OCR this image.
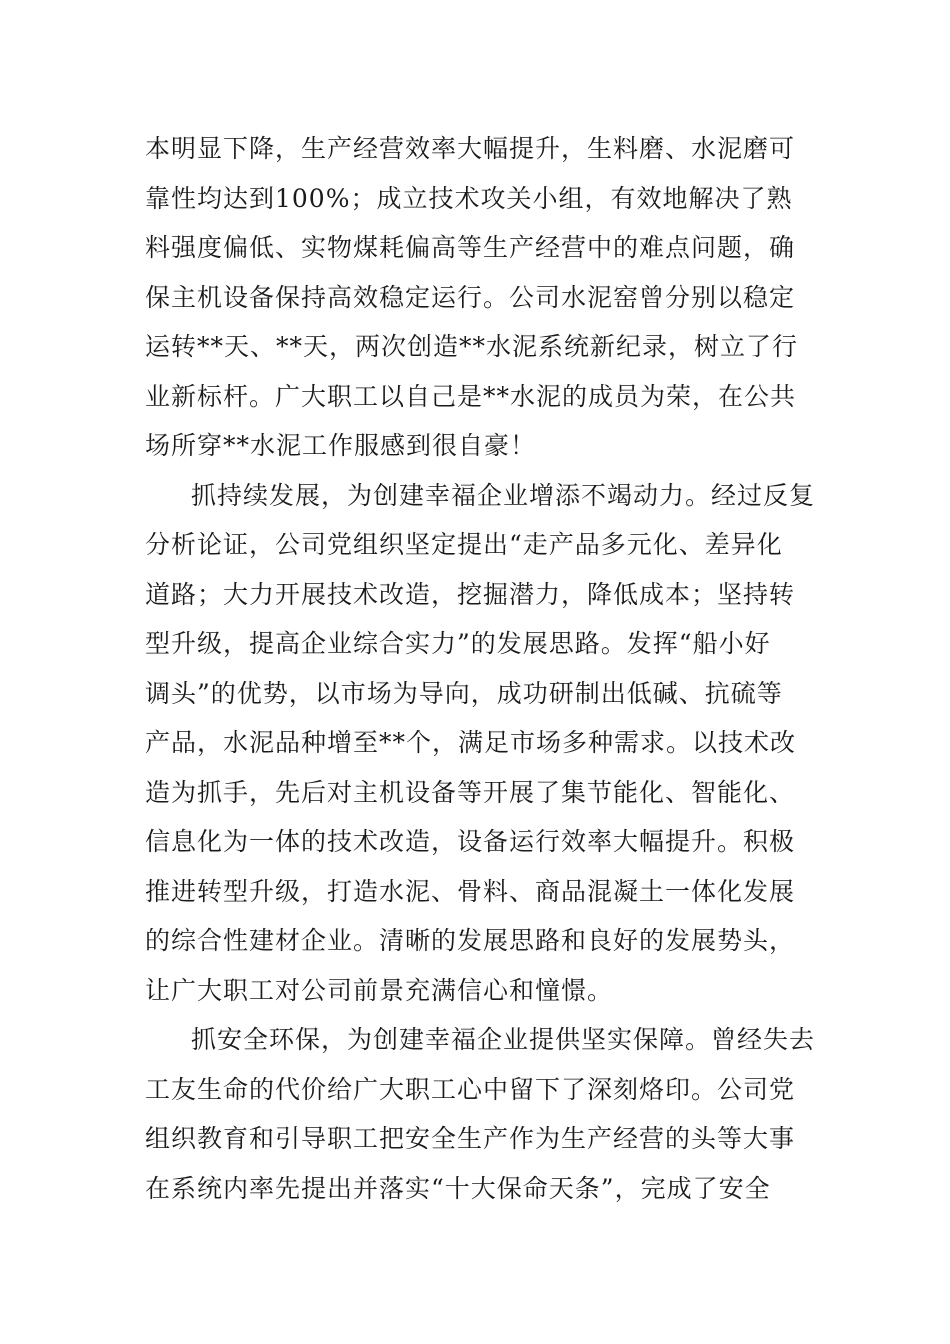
本明显下降，生产经营效率大幅提升，生料磨、水泥磨可
靠性均达到100%；成立技术攻关小组，有效地解决了熟
料强度偏低、实物煤耗偏高等生产经营中的难点问题，确
保主机设备保持高效稳定运行。公司水泥窑曾分别以稳定
运转**天、**天，两次创造**水泥系统新纪录，树立了行
业新标杆。广大职工以自己是**水泥的成员为荣，在公共
场所穿**水泥工作服感到很自豪！
抓持续发展，为创建幸福企业增添不竭动力。经过反复
分析论证，公司党组织坚定提出“走产品多元化、差异化
道路；大力开展技术改造，挖掘潜力，降低成本；坚持转
型升级，提高企业综合实力”的发展思路。发挥“船小好
调头”的优势，以市场为导向，成功研制出低碱、抗硫等
产品，水泥品种增至**个，满足市场多种需求。以技术改
造为抓手，先后对主机设备等开展了集节能化、智能化、
信息化为一体的技术改造，设备运行效率大幅提升。积极
推进转型升级，打造水泥、骨料、商品混凝土一体化发展
的综合性建材企业。清晰的发展思路和良好的发展势头，
让广大职工对公司前景充满信心和憧憬。
抓安全环保，为创建幸福企业提供坚实保障。曾经失去
工友生命的代价给广大职工心中留下了深刻烙印。公司党
组织教育和引导职工把安全生产作为生产经营的头等大事
在系统内率先提出并落实“十大保命天条”，完成了安全
